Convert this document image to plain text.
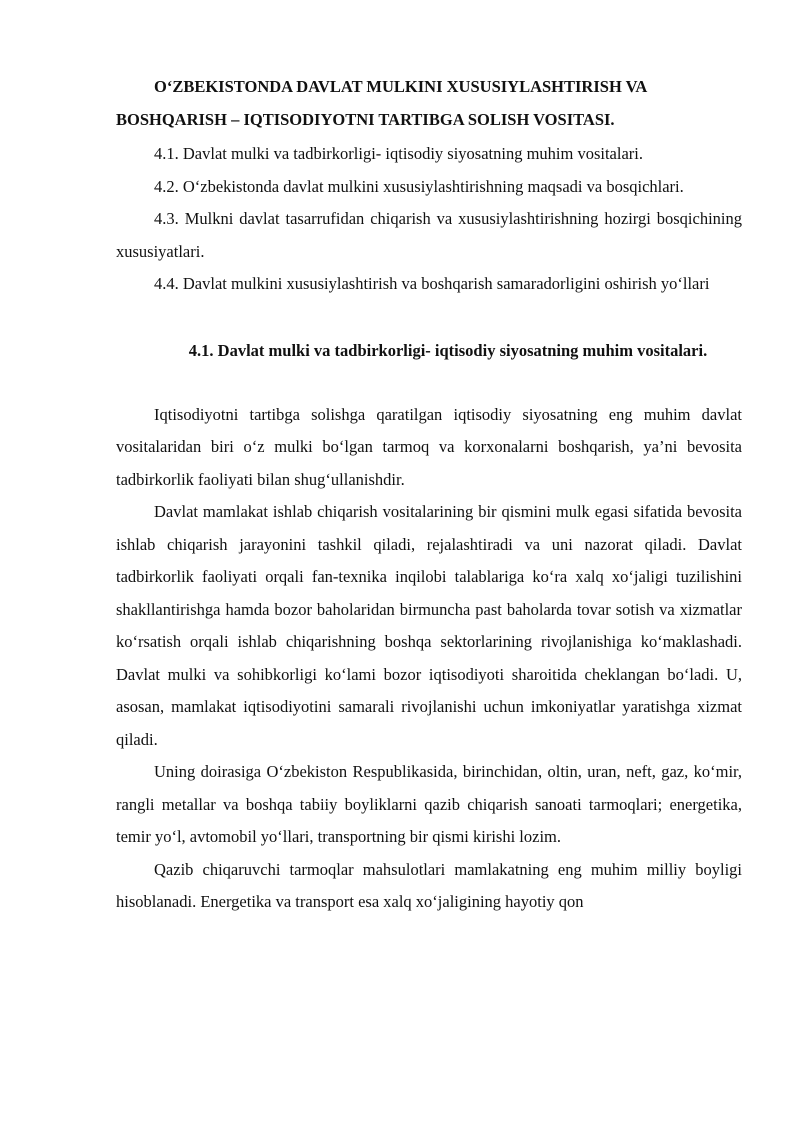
O‘ZBEKISTONDA DAVLAT MULKINI XUSUSIYLASHTIRISH VA BOSHQARISH – IQTISODIYOTNI TARTIBGA SOLISH VOSITASI.

4.1. Davlat mulki va tadbirkorligi- iqtisodiy siyosatning muhim vositalari.

4.2. O‘zbekistonda davlat mulkini xususiylashtirishning maqsadi va bosqichlari.

4.3. Mulkni davlat tasarrufidan chiqarish va xususiylashtirishning hozirgi bosqichining xususiyatlari.

4.4. Davlat mulkini xususiylashtirish va boshqarish samaradorligini oshirish yo‘llari

4.1. Davlat mulki va tadbirkorligi- iqtisodiy siyosatning muhim vositalari.

Iqtisodiyotni tartibga solishga qaratilgan iqtisodiy siyosatning eng muhim davlat vositalaridan biri o‘z mulki bo‘lgan tarmoq va korxonalarni boshqarish, ya’ni bevosita tadbirkorlik faoliyati bilan shug‘ullanishdir.

Davlat mamlakat ishlab chiqarish vositalarining bir qismini mulk egasi sifatida bevosita ishlab chiqarish jarayonini tashkil qiladi, rejalashtiradi va uni nazorat qiladi. Davlat tadbirkorlik faoliyati orqali fan-texnika inqilobi talablariga ko‘ra xalq xo‘jaligi tuzilishini shakllantirishga hamda bozor baholaridan birmuncha past baholarda tovar sotish va xizmatlar ko‘rsatish orqali ishlab chiqarishning boshqa sektorlarining rivojlanishiga ko‘maklashadi. Davlat mulki va sohibkorligi ko‘lami bozor iqtisodiyoti sharoitida cheklangan bo‘ladi. U, asosan, mamlakat iqtisodiyotini samarali rivojlanishi uchun imkoniyatlar yaratishga xizmat qiladi.

Uning doirasiga O‘zbekiston Respublikasida, birinchidan, oltin, uran, neft, gaz, ko‘mir, rangli metallar va boshqa tabiiy boyliklarni qazib chiqarish sanoati tarmoqlari; energetika, temir yo‘l, avtomobil yo‘llari, transportning bir qismi kirishi lozim.

Qazib chiqaruvchi tarmoqlar mahsulotlari mamlakatning eng muhim milliy boyligi hisoblanadi. Energetika va transport esa xalq xo‘jaligining hayotiy qon
